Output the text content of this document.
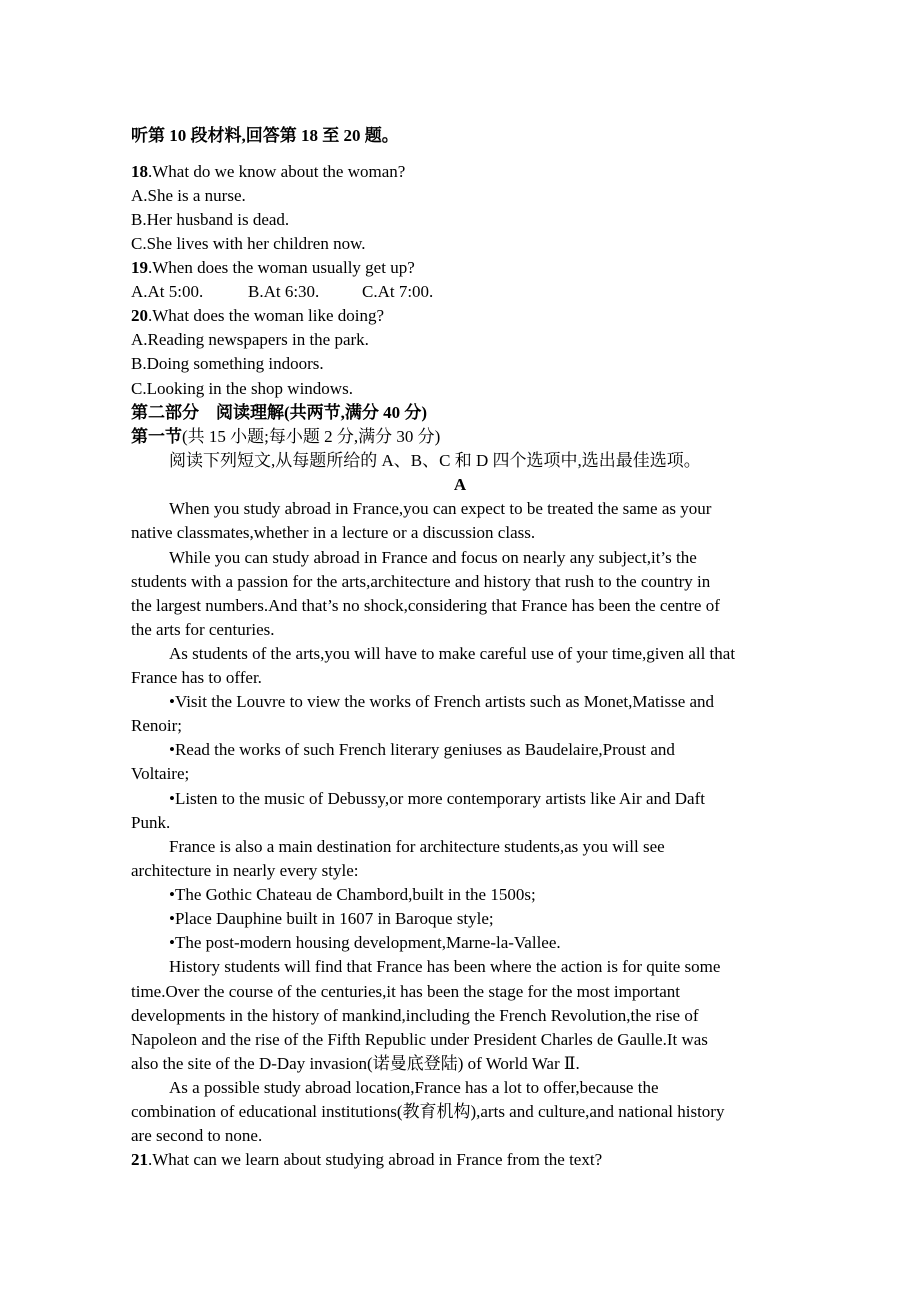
听第 10 段材料,回答第 18 至 20 题。
18.What do we know about the woman?
A.She is a nurse.
B.Her husband is dead.
C.She lives with her children now.
19.When does the woman usually get up?
A.At 5:00.	B.At 6:30.	C.At 7:00.
20.What does the woman like doing?
A.Reading newspapers in the park.
B.Doing something indoors.
C.Looking in the shop windows.
第二部分　阅读理解(共两节,满分 40 分)
第一节(共 15 小题;每小题 2 分,满分 30 分)
阅读下列短文,从每题所给的 A、B、C 和 D 四个选项中,选出最佳选项。
A
When you study abroad in France,you can expect to be treated the same as your
native classmates,whether in a lecture or a discussion class.
While you can study abroad in France and focus on nearly any subject,it’s the
students with a passion for the arts,architecture and history that rush to the country in
the largest numbers.And that’s no shock,considering that France has been the centre of
the arts for centuries.
As students of the arts,you will have to make careful use of your time,given all that
France has to offer.
•Visit the Louvre to view the works of French artists such as Monet,Matisse and
Renoir;
•Read the works of such French literary geniuses as Baudelaire,Proust and
Voltaire;
•Listen to the music of Debussy,or more contemporary artists like Air and Daft
Punk.
France is also a main destination for architecture students,as you will see
architecture in nearly every style:
•The Gothic Chateau de Chambord,built in the 1500s;
•Place Dauphine built in 1607 in Baroque style;
•The post-modern housing development,Marne-la-Vallee.
History students will find that France has been where the action is for quite some
time.Over the course of the centuries,it has been the stage for the most important
developments in the history of mankind,including the French Revolution,the rise of
Napoleon and the rise of the Fifth Republic under President Charles de Gaulle.It was
also the site of the D-Day invasion(诺曼底登陆) of World War Ⅱ.
As a possible study abroad location,France has a lot to offer,because the
combination of educational institutions(教育机构),arts and culture,and national history
are second to none.
21.What can we learn about studying abroad in France from the text?
